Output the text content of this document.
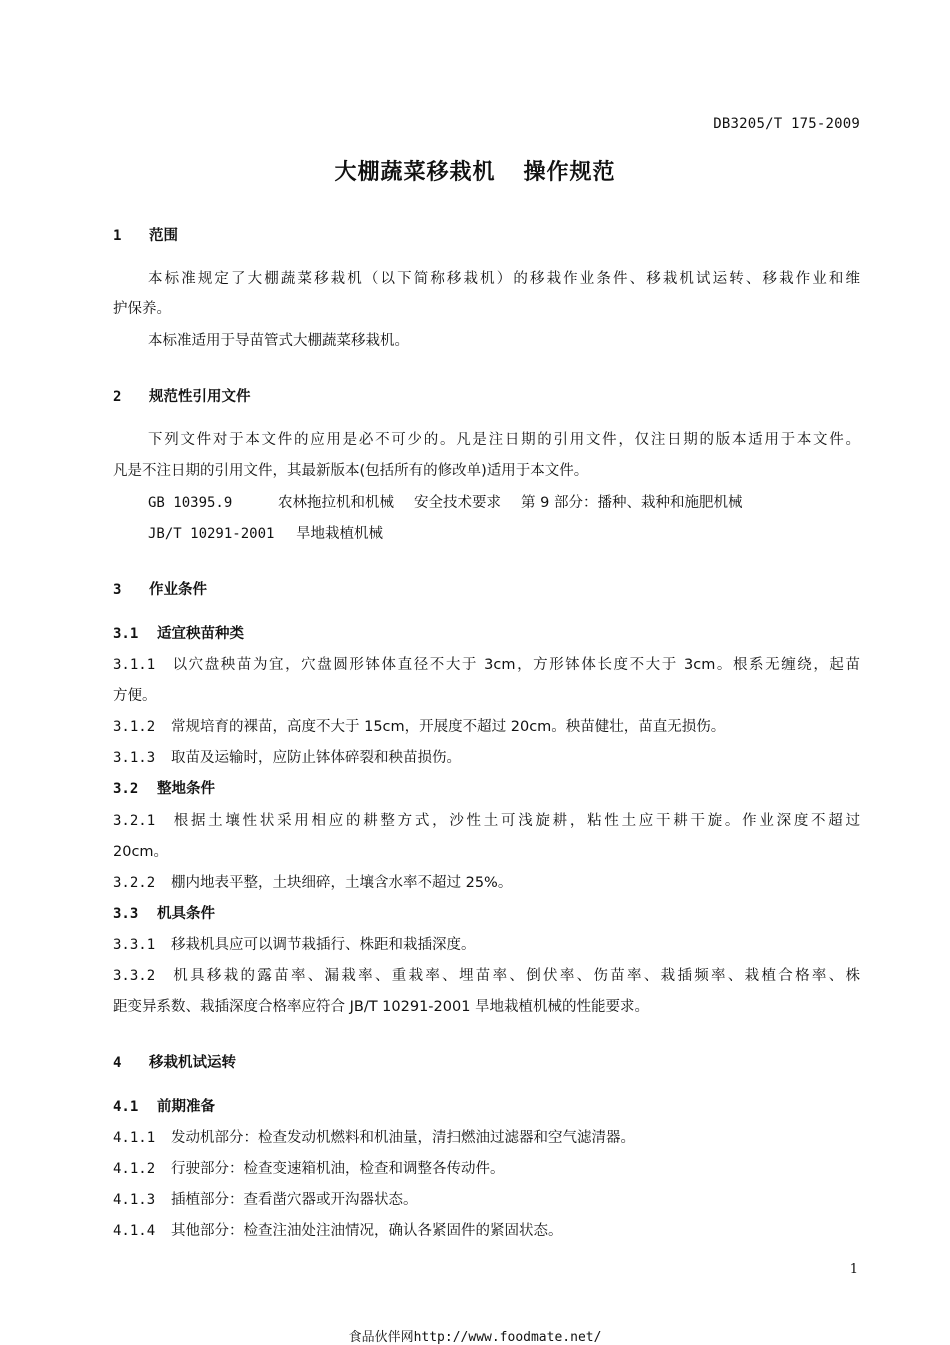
DB3205/T 175-2009
大棚蔬菜移栽机 操作规范
1 范围
本标准规定了大棚蔬菜移栽机（以下简称移栽机）的移栽作业条件、移栽机试运转、移栽作业和维
护保养。
本标准适用于导苗管式大棚蔬菜移栽机。
2 规范性引用文件
下列文件对于本文件的应用是必不可少的。凡是注日期的引用文件，仅注日期的版本适用于本文件。
凡是不注日期的引用文件，其最新版本(包括所有的修改单)适用于本文件。
GB 10395.9	农林拖拉机和机械 安全技术要求 第 9 部分：播种、栽种和施肥机械
JB/T 10291-2001 旱地栽植机械
3 作业条件
3.1 适宜秧苗种类
3.1.1 以穴盘秧苗为宜，穴盘圆形钵体直径不大于 3cm，方形钵体长度不大于 3cm。根系无缠绕，起苗
方便。
3.1.2 常规培育的裸苗，高度不大于 15cm，开展度不超过 20cm。秧苗健壮，苗直无损伤。
3.1.3 取苗及运输时，应防止钵体碎裂和秧苗损伤。
3.2 整地条件
3.2.1 根据土壤性状采用相应的耕整方式，沙性土可浅旋耕，粘性土应干耕干旋。作业深度不超过
20cm。
3.2.2 棚内地表平整，土块细碎，土壤含水率不超过 25%。
3.3 机具条件
3.3.1 移栽机具应可以调节栽插行、株距和栽插深度。
3.3.2 机具移栽的露苗率、漏栽率、重栽率、埋苗率、倒伏率、伤苗率、栽插频率、栽植合格率、株
距变异系数、栽插深度合格率应符合 JB/T 10291-2001 旱地栽植机械的性能要求。
4 移栽机试运转
4.1 前期准备
4.1.1 发动机部分：检查发动机燃料和机油量，清扫燃油过滤器和空气滤清器。
4.1.2 行驶部分：检查变速箱机油，检查和调整各传动件。
4.1.3 插植部分：查看凿穴器或开沟器状态。
4.1.4 其他部分：检查注油处注油情况，确认各紧固件的紧固状态。
1
食品伙伴网http://www.foodmate.net/
